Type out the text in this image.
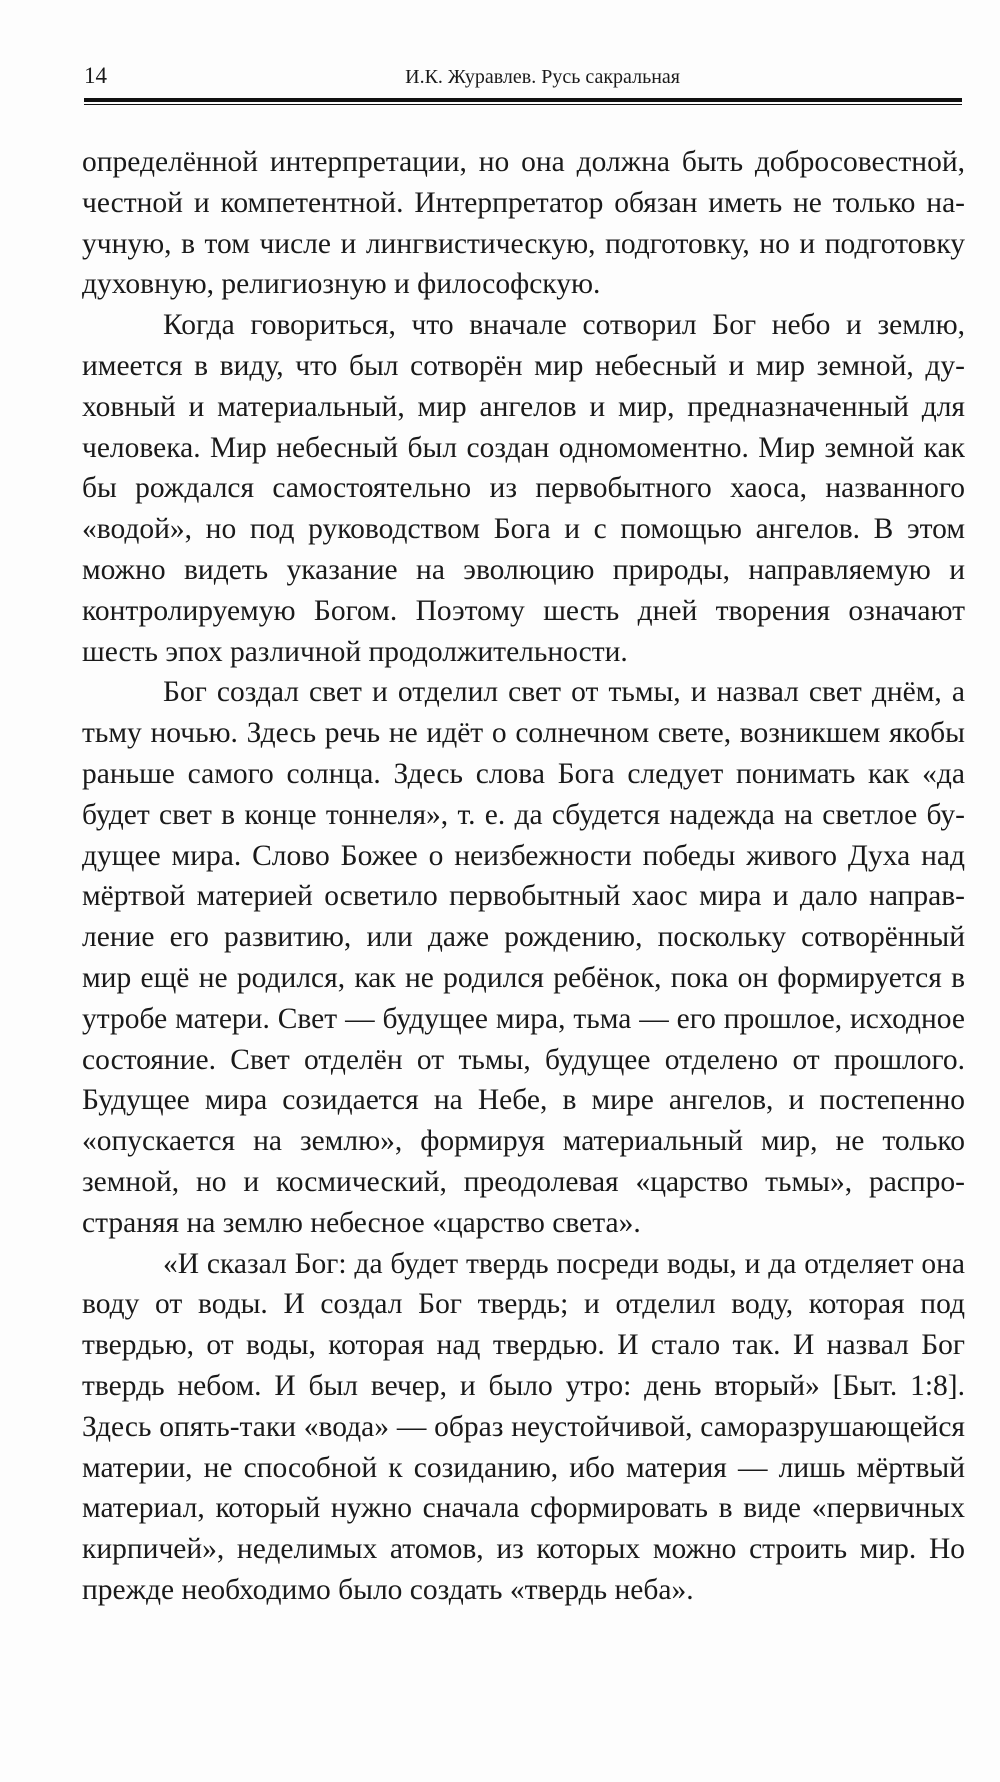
14	И.К. Журавлев. Русь сакральная

определённой интерпретации, но она должна быть добросовестной, честной и компетентной. Интерпретатор обязан иметь не только научную, в том числе и лингвистическую, подготовку, но и подготовку духовную, религиозную и философскую.

Когда говориться, что вначале сотворил Бог небо и землю, имеется в виду, что был сотворён мир небесный и мир земной, духовный и материальный, мир ангелов и мир, предназначенный для человека. Мир небесный был создан одномоментно. Мир земной как бы рождался самостоятельно из первобытного хаоса, названного «водой», но под руководством Бога и с помощью ангелов. В этом можно видеть указание на эволюцию природы, направляемую и контролируемую Богом. Поэтому шесть дней творения означают шесть эпох различной продолжительности.

Бог создал свет и отделил свет от тьмы, и назвал свет днём, а тьму ночью. Здесь речь не идёт о солнечном свете, возникшем якобы раньше самого солнца. Здесь слова Бога следует понимать как «да будет свет в конце тоннеля», т. е. да сбудется надежда на светлое будущее мира. Слово Божее о неизбежности победы живого Духа над мёртвой материей осветило первобытный хаос мира и дало направление его развитию, или даже рождению, поскольку сотворённый мир ещё не родился, как не родился ребёнок, пока он формируется в утробе матери. Свет — будущее мира, тьма — его прошлое, исходное состояние. Свет отделён от тьмы, будущее отделено от прошлого. Будущее мира созидается на Небе, в мире ангелов, и постепенно «опускается на землю», формируя материальный мир, не только земной, но и космический, преодолевая «царство тьмы», распространяя на землю небесное «царство света».

«И сказал Бог: да будет твердь посреди воды, и да отделяет она воду от воды. И создал Бог твердь; и отделил воду, которая под твердью, от воды, которая над твердью. И стало так. И назвал Бог твердь небом. И был вечер, и было утро: день вторый» [Быт. 1:8]. Здесь опять-таки «вода» — образ неустойчивой, саморазрушающейся материи, не способной к созиданию, ибо материя — лишь мёртвый материал, который нужно сначала сформировать в виде «первичных кирпичей», неделимых атомов, из которых можно строить мир. Но прежде необходимо было создать «твердь неба».
